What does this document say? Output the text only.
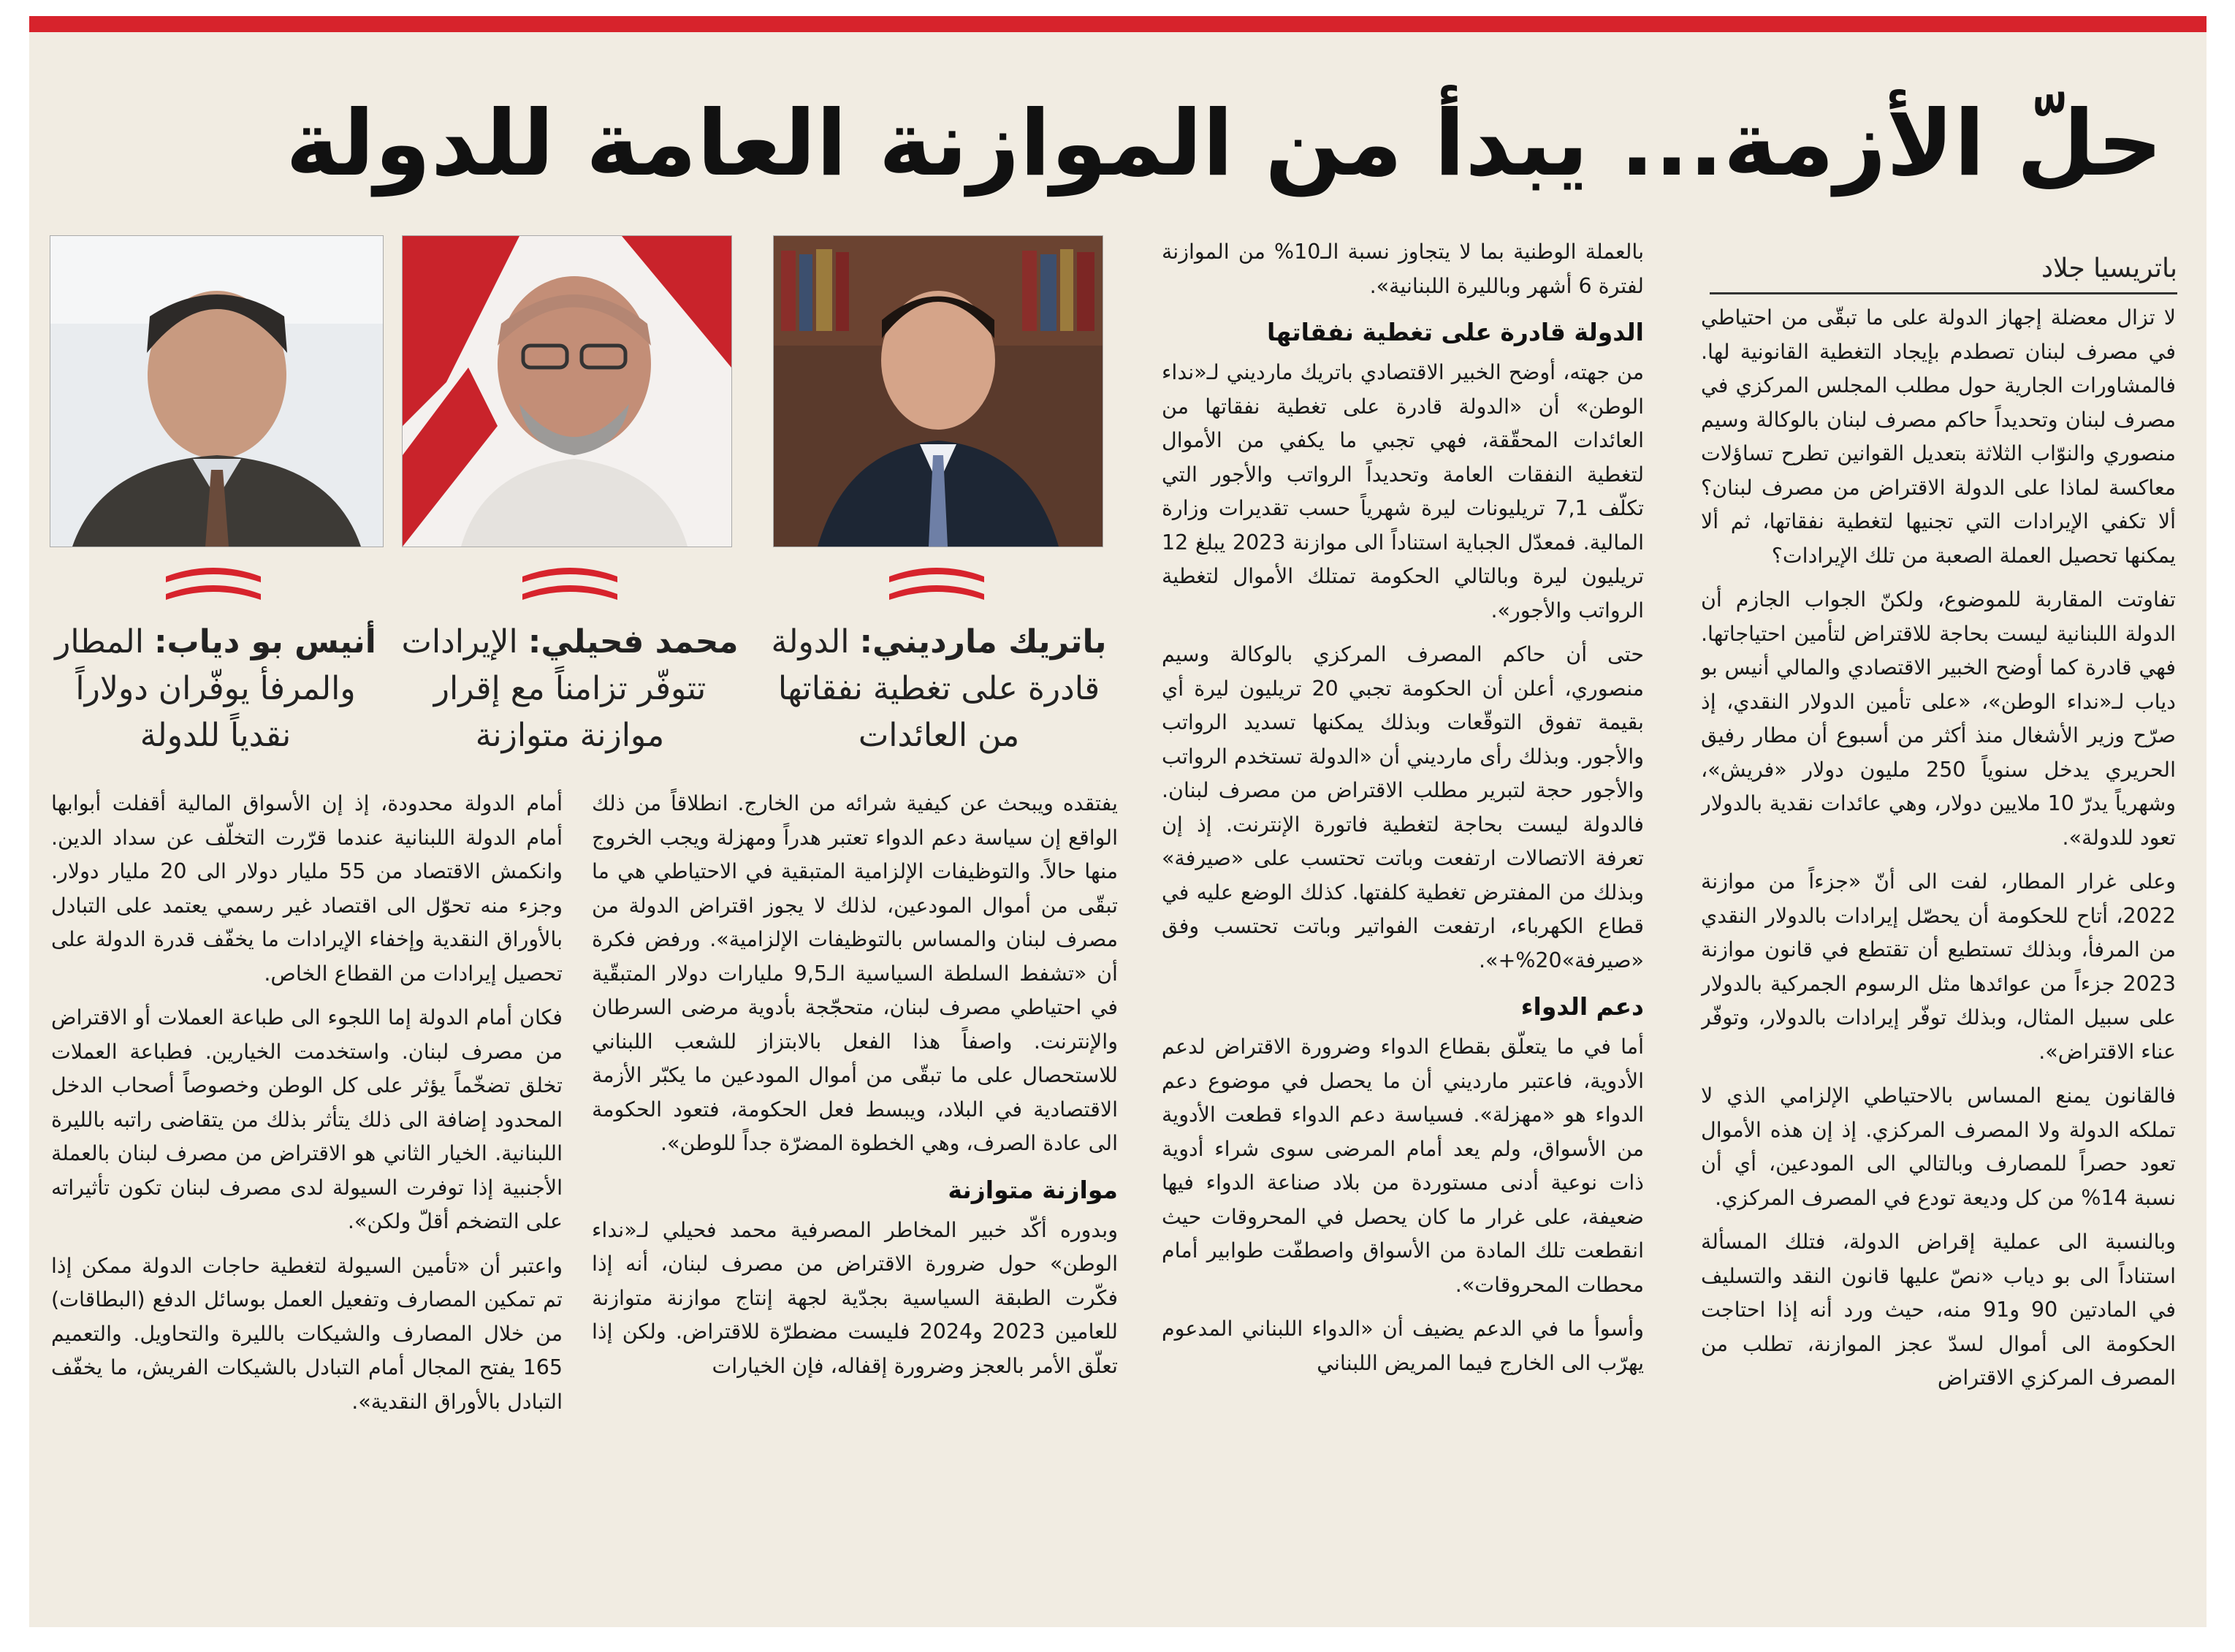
حلّ الأزمة... يبدأ من الموازنة العامة للدولة

لا تزال معضلة إجهاز الدولة على ما تبقّى من احتياطي في مصرف لبنان تصطدم بإيجاد التغطية القانونية لها. فالمشاورات الجارية حول مطلب المجلس المركزي في مصرف لبنان وتحديداً حاكم مصرف لبنان بالوكالة وسيم منصوري والنوّاب الثلاثة بتعديل القوانين تطرح تساؤلات معاكسة لماذا على الدولة الاقتراض من مصرف لبنان؟ ألا تكفي الإيرادات التي تجنيها لتغطية نفقاتها، ثم ألا يمكنها تحصيل العملة الصعبة من تلك الإيرادات؟

تفاوتت المقاربة للموضوع، ولكنّ الجواب الجازم أن الدولة اللبنانية ليست بحاجة للاقتراض لتأمين احتياجاتها. فهي قادرة كما أوضح الخبير الاقتصادي والمالي أنيس بو دياب لـ«نداء الوطن»، «على تأمين الدولار النقدي، إذ صرّح وزير الأشغال منذ أكثر من أسبوع أن مطار رفيق الحريري يدخل سنوياً 250 مليون دولار «فريش»، وشهرياً يدرّ 10 ملايين دولار، وهي عائدات نقدية بالدولار تعود للدولة».

وعلى غرار المطار، لفت الى أنّ «جزءاً من موازنة 2022، أتاح للحكومة أن يحصّل إيرادات بالدولار النقدي من المرفأ، وبذلك تستطيع أن تقتطع في قانون موازنة 2023 جزءاً من عوائدها مثل الرسوم الجمركية بالدولار على سبيل المثال، وبذلك توفّر إيرادات بالدولار، وتوفّر عناء الاقتراض».

فالقانون يمنع المساس بالاحتياطي الإلزامي الذي لا تملكه الدولة ولا المصرف المركزي. إذ إن هذه الأموال تعود حصراً للمصارف وبالتالي الى المودعين، أي أن نسبة 14% من كل وديعة تودع في المصرف المركزي.

وبالنسبة الى عملية إقراض الدولة، فتلك المسألة استناداً الى بو دياب «نصّ عليها قانون النقد والتسليف في المادتين 90 و91 منه، حيث ورد أنه إذا احتاجت الحكومة الى أموال لسدّ عجز الموازنة، تطلب من المصرف المركزي الاقتراض

باتريسيا جلاد

بالعملة الوطنية بما لا يتجاوز نسبة الـ10% من الموازنة لفترة 6 أشهر وبالليرة اللبنانية».

الدولة قادرة على تغطية نفقاتها

من جهته، أوضح الخبير الاقتصادي باتريك مارديني لـ«نداء الوطن» أن «الدولة قادرة على تغطية نفقاتها من العائدات المحقّقة، فهي تجبي ما يكفي من الأموال لتغطية النفقات العامة وتحديداً الرواتب والأجور التي تكلّف 7,1 تريليونات ليرة شهرياً حسب تقديرات وزارة المالية. فمعدّل الجباية استناداً الى موازنة 2023 يبلغ 12 تريليون ليرة وبالتالي الحكومة تمتلك الأموال لتغطية الرواتب والأجور».

حتى أن حاكم المصرف المركزي بالوكالة وسيم منصوري، أعلن أن الحكومة تجبي 20 تريليون ليرة أي بقيمة تفوق التوقّعات وبذلك يمكنها تسديد الرواتب والأجور. وبذلك رأى مارديني أن «الدولة تستخدم الرواتب والأجور حجة لتبرير مطلب الاقتراض من مصرف لبنان. فالدولة ليست بحاجة لتغطية فاتورة الإنترنت. إذ إن تعرفة الاتصالات ارتفعت وباتت تحتسب على «صيرفة» وبذلك من المفترض تغطية كلفتها. كذلك الوضع عليه في قطاع الكهرباء، ارتفعت الفواتير وباتت تحتسب وفق «صيرفة»20%+».

دعم الدواء

أما في ما يتعلّق بقطاع الدواء وضرورة الاقتراض لدعم الأدوية، فاعتبر مارديني أن ما يحصل في موضوع دعم الدواء هو «مهزلة». فسياسة دعم الدواء قطعت الأدوية من الأسواق، ولم يعد أمام المرضى سوى شراء أدوية ذات نوعية أدنى مستوردة من بلاد صناعة الدواء فيها ضعيفة، على غرار ما كان يحصل في المحروقات حيث انقطعت تلك المادة من الأسواق واصطفّت طوابير أمام محطات المحروقات».

وأسوأ ما في الدعم يضيف أن «الدواء اللبناني المدعوم يهرّب الى الخارج فيما المريض اللبناني

باتريك مارديني: الدولة قادرة على تغطية نفقاتها من العائدات
محمد فحيلي: الإيرادات تتوفّر تزامناً مع إقرار موازنة متوازنة
أنيس بو دياب: المطار والمرفأ يوفّران دولاراً نقدياً للدولة

يفتقده ويبحث عن كيفية شرائه من الخارج. انطلاقاً من ذلك الواقع إن سياسة دعم الدواء تعتبر هدراً ومهزلة ويجب الخروج منها حالاً. والتوظيفات الإلزامية المتبقية في الاحتياطي هي ما تبقّى من أموال المودعين، لذلك لا يجوز اقتراض الدولة من مصرف لبنان والمساس بالتوظيفات الإلزامية». ورفض فكرة أن «تشفط السلطة السياسية الـ9,5 مليارات دولار المتبقّية في احتياطي مصرف لبنان، متحجّجة بأدوية مرضى السرطان والإنترنت. واصفاً هذا الفعل بالابتزاز للشعب اللبناني للاستحصال على ما تبقّى من أموال المودعين ما يكبّر الأزمة الاقتصادية في البلاد، ويبسط فعل الحكومة، فتعود الحكومة الى عادة الصرف، وهي الخطوة المضرّة جداً للوطن».

موازنة متوازنة

وبدوره أكّد خبير المخاطر المصرفية محمد فحيلي لـ«نداء الوطن» حول ضرورة الاقتراض من مصرف لبنان، أنه إذا فكّرت الطبقة السياسية بجدّية لجهة إنتاج موازنة متوازنة للعامين 2023 و2024 فليست مضطرّة للاقتراض. ولكن إذا تعلّق الأمر بالعجز وضرورة إقفاله، فإن الخيارات

أمام الدولة محدودة، إذ إن الأسواق المالية أقفلت أبوابها أمام الدولة اللبنانية عندما قرّرت التخلّف عن سداد الدين. وانكمش الاقتصاد من 55 مليار دولار الى 20 مليار دولار. وجزء منه تحوّل الى اقتصاد غير رسمي يعتمد على التبادل بالأوراق النقدية وإخفاء الإيرادات ما يخفّف قدرة الدولة على تحصيل إيرادات من القطاع الخاص.

فكان أمام الدولة إما اللجوء الى طباعة العملات أو الاقتراض من مصرف لبنان. واستخدمت الخيارين. فطباعة العملات تخلق تضخّماً يؤثر على كل الوطن وخصوصاً أصحاب الدخل المحدود إضافة الى ذلك يتأثر بذلك من يتقاضى راتبه بالليرة اللبنانية. الخيار الثاني هو الاقتراض من مصرف لبنان بالعملة الأجنبية إذا توفرت السيولة لدى مصرف لبنان تكون تأثيراته على التضخم أقلّ ولكن».

واعتبر أن «تأمين السيولة لتغطية حاجات الدولة ممكن إذا تم تمكين المصارف وتفعيل العمل بوسائل الدفع (البطاقات) من خلال المصارف والشيكات بالليرة والتحاويل. والتعميم 165 يفتح المجال أمام التبادل بالشيكات الفريش، ما يخفّف التبادل بالأوراق النقدية».
